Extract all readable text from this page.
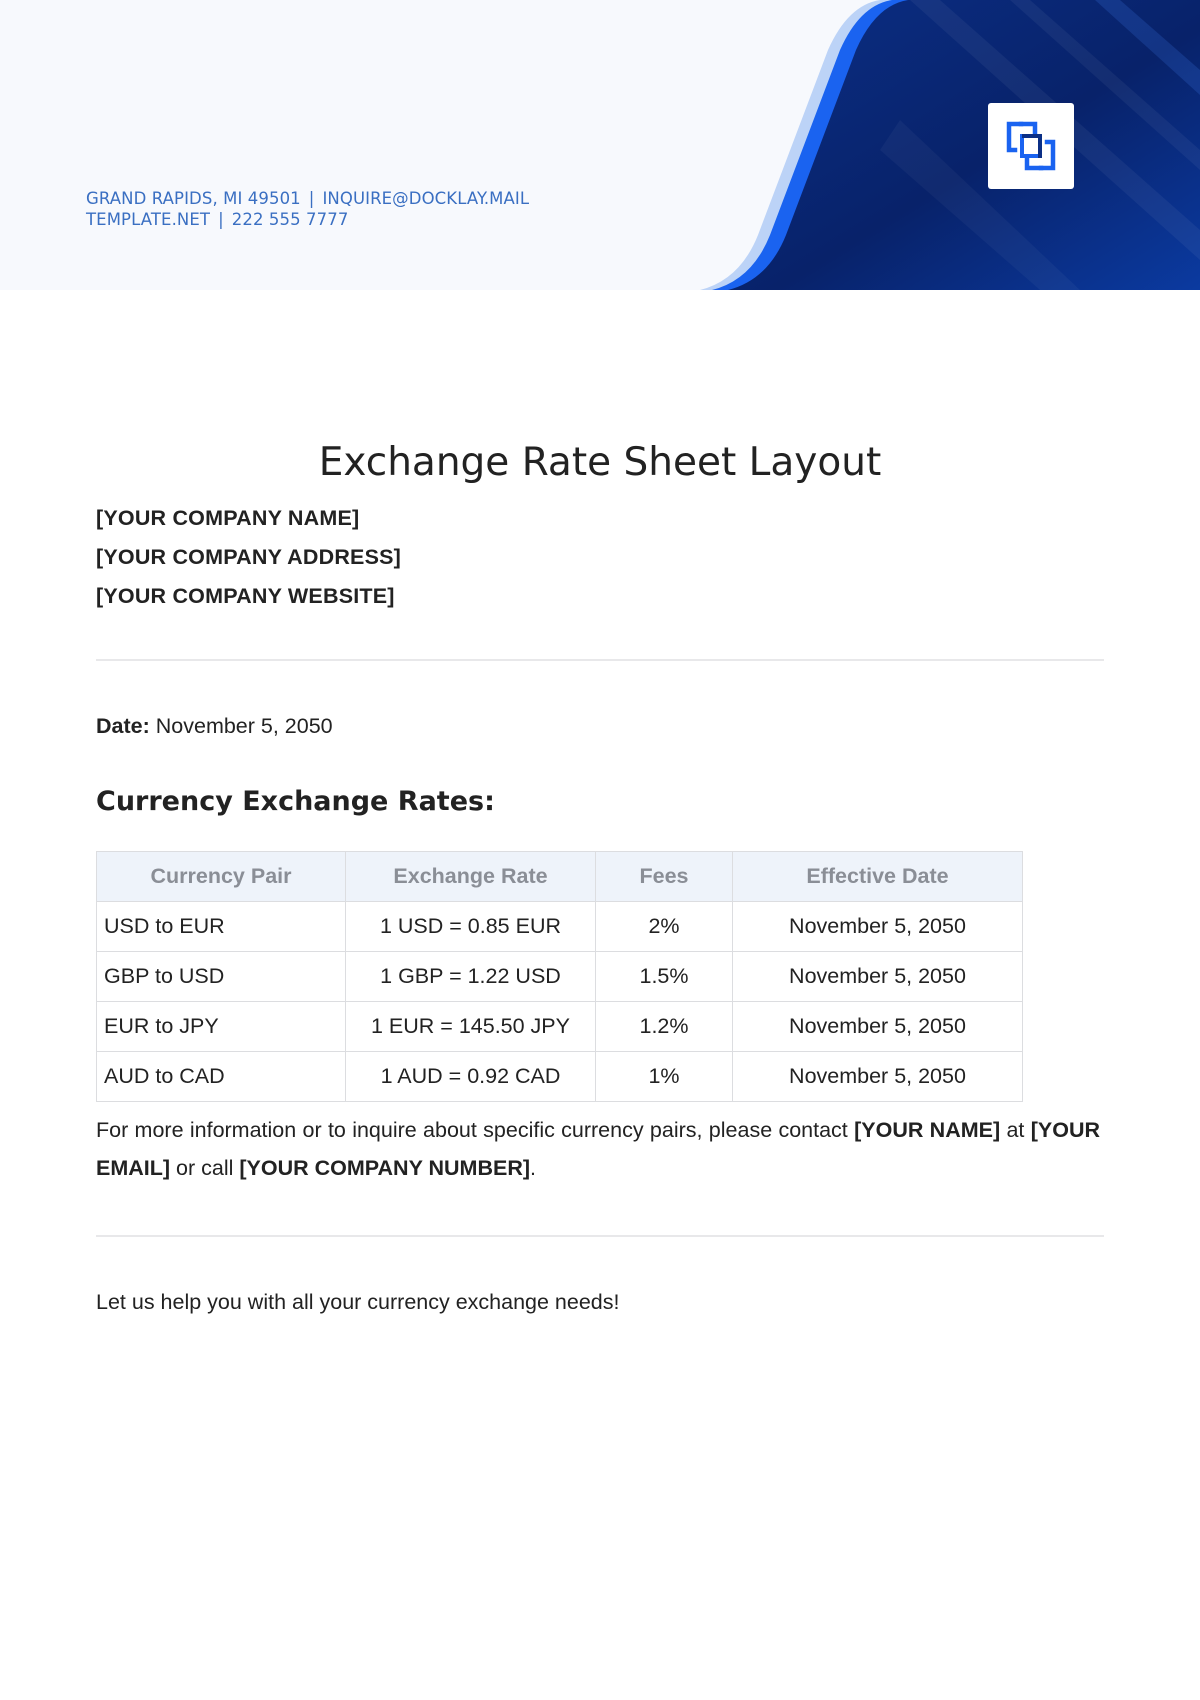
GRAND RAPIDS, MI 49501 | INQUIRE@DOCKLAY.MAIL
TEMPLATE.NET | 222 555 7777
Exchange Rate Sheet Layout
[YOUR COMPANY NAME]
[YOUR COMPANY ADDRESS]
[YOUR COMPANY WEBSITE]
Date: November 5, 2050
Currency Exchange Rates:
Currency Pair	Exchange Rate	Fees	Effective Date
USD to EUR	1 USD = 0.85 EUR	2%	November 5, 2050
GBP to USD	1 GBP = 1.22 USD	1.5%	November 5, 2050
EUR to JPY	1 EUR = 145.50 JPY	1.2%	November 5, 2050
AUD to CAD	1 AUD = 0.92 CAD	1%	November 5, 2050

For more information or to inquire about specific currency pairs, please contact [YOUR NAME] at [YOUR EMAIL] or call [YOUR COMPANY NUMBER].

Let us help you with all your currency exchange needs!
